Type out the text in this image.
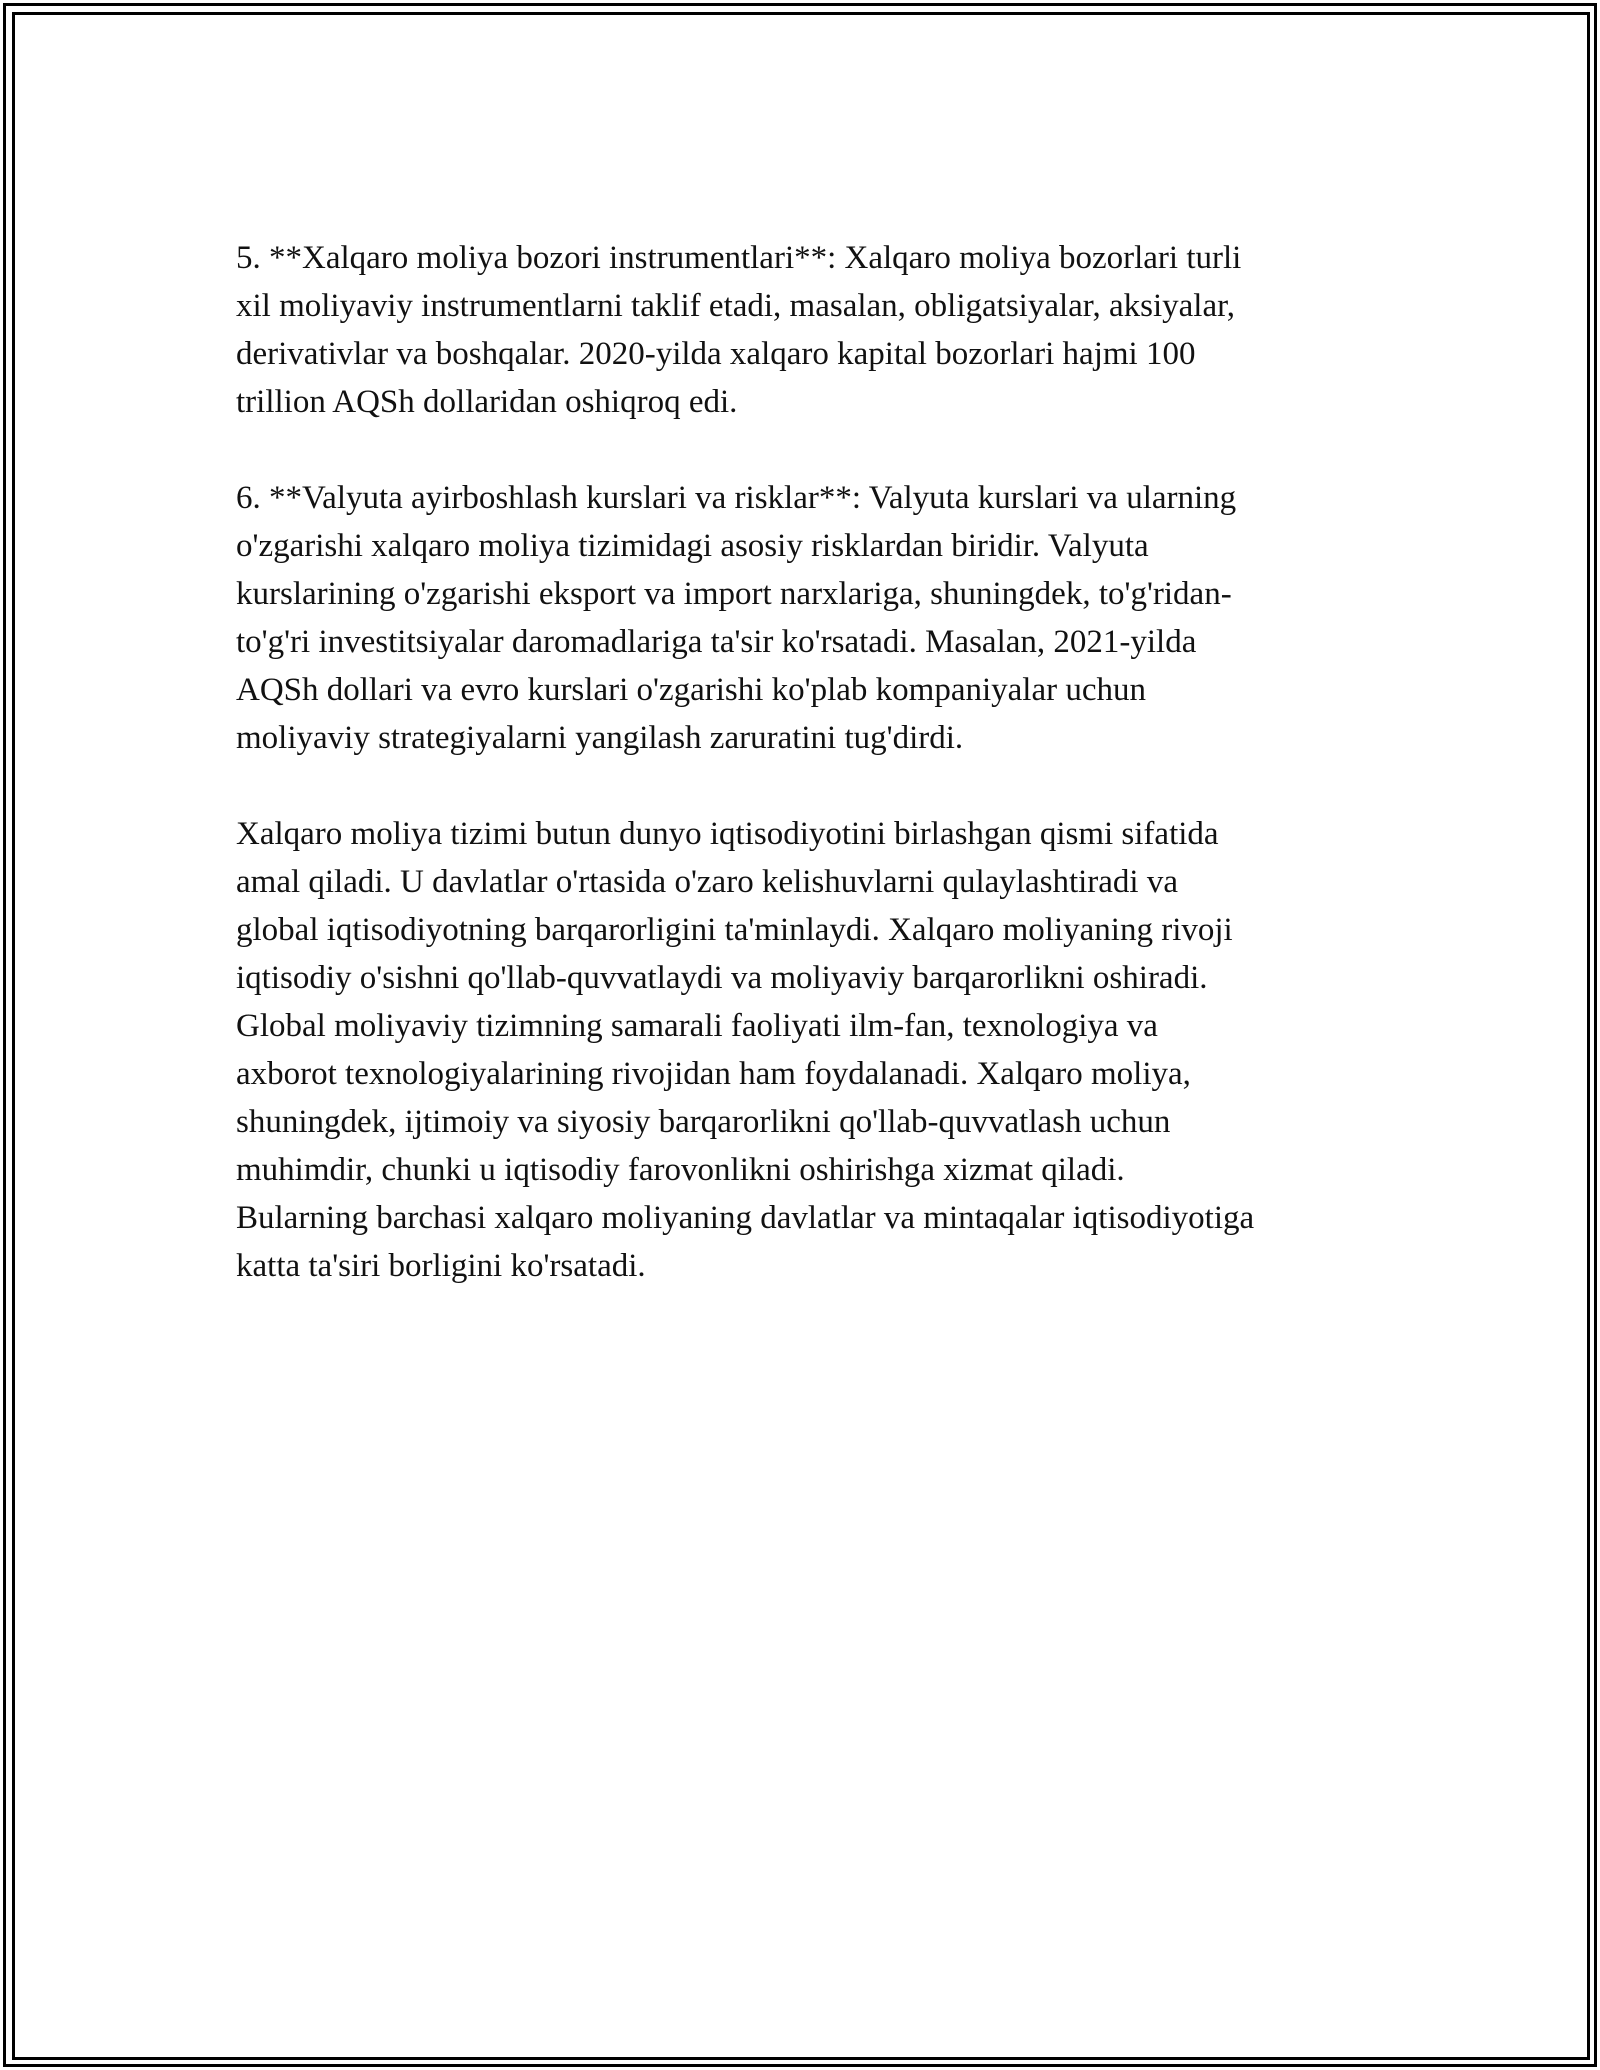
5. **Xalqaro moliya bozori instrumentlari**: Xalqaro moliya bozorlari turli
xil moliyaviy instrumentlarni taklif etadi, masalan, obligatsiyalar, aksiyalar,
derivativlar va boshqalar. 2020-yilda xalqaro kapital bozorlari hajmi 100
trillion AQSh dollaridan oshiqroq edi.

6. **Valyuta ayirboshlash kurslari va risklar**: Valyuta kurslari va ularning
o'zgarishi xalqaro moliya tizimidagi asosiy risklardan biridir. Valyuta
kurslarining o'zgarishi eksport va import narxlariga, shuningdek, to'g'ridan-
to'g'ri investitsiyalar daromadlariga ta'sir ko'rsatadi. Masalan, 2021-yilda
AQSh dollari va evro kurslari o'zgarishi ko'plab kompaniyalar uchun
moliyaviy strategiyalarni yangilash zaruratini tug'dirdi.

Xalqaro moliya tizimi butun dunyo iqtisodiyotini birlashgan qismi sifatida
amal qiladi. U davlatlar o'rtasida o'zaro kelishuvlarni qulaylashtiradi va
global iqtisodiyotning barqarorligini ta'minlaydi. Xalqaro moliyaning rivoji
iqtisodiy o'sishni qo'llab-quvvatlaydi va moliyaviy barqarorlikni oshiradi.
Global moliyaviy tizimning samarali faoliyati ilm-fan, texnologiya va
axborot texnologiyalarining rivojidan ham foydalanadi. Xalqaro moliya,
shuningdek, ijtimoiy va siyosiy barqarorlikni qo'llab-quvvatlash uchun
muhimdir, chunki u iqtisodiy farovonlikni oshirishga xizmat qiladi.
Bularning barchasi xalqaro moliyaning davlatlar va mintaqalar iqtisodiyotiga
katta ta'siri borligini ko'rsatadi.
